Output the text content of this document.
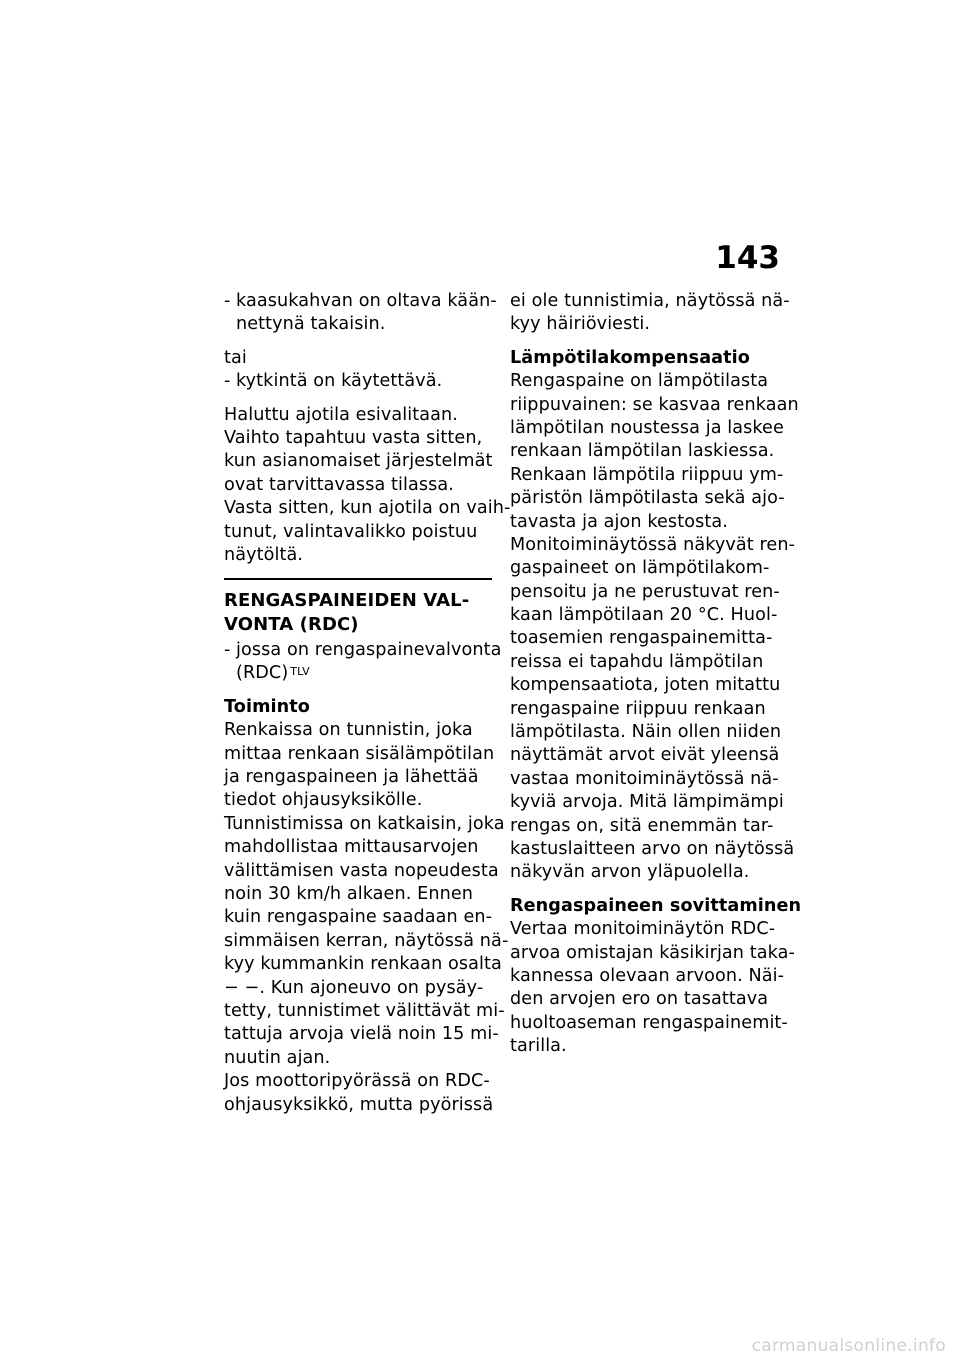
143
- kaasukahvan on oltava kään-
nettynä takaisin.
tai
- kytkintä on käytettävä.
Haluttu ajotila esivalitaan.
Vaihto tapahtuu vasta sitten,
kun asianomaiset järjestelmät
ovat tarvittavassa tilassa.
Vasta sitten, kun ajotila on vaih-
tunut, valintavalikko poistuu
näytöltä.
RENGASPAINEIDEN VAL-
VONTA (RDC)
- jossa on rengaspainevalvonta
(RDC) $^{TLV}$
Toiminto
Renkaissa on tunnistin, joka
mittaa renkaan sisälämpötilan
ja rengaspaineen ja lähettää
tiedot ohjausyksikölle.
Tunnistimissa on katkaisin, joka
mahdollistaa mittausarvojen
välittämisen vasta nopeudesta
noin 30 km/h alkaen. Ennen
kuin rengaspaine saadaan en-
simmäisen kerran, näytössä nä-
kyy kummankin renkaan osalta
− −. Kun ajoneuvo on pysäy-
tetty, tunnistimet välittävät mi-
tattuja arvoja vielä noin 15 mi-
nuutin ajan.
Jos moottoripyörässä on RDC-
ohjausyksikkö, mutta pyörissä
ei ole tunnistimia, näytössä nä-
kyy häiriöviesti.
Lämpötilakompensaatio
Rengaspaine on lämpötilasta
riippuvainen: se kasvaa renkaan
lämpötilan noustessa ja laskee
renkaan lämpötilan laskiessa.
Renkaan lämpötila riippuu ym-
päristön lämpötilasta sekä ajo-
tavasta ja ajon kestosta.
Monitoiminäytössä näkyvät ren-
gaspaineet on lämpötilakom-
pensoitu ja ne perustuvat ren-
kaan lämpötilaan 20 °C. Huol-
toasemien rengaspainemitta-
reissa ei tapahdu lämpötilan
kompensaatiota, joten mitattu
rengaspaine riippuu renkaan
lämpötilasta. Näin ollen niiden
näyttämät arvot eivät yleensä
vastaa monitoiminäytössä nä-
kyviä arvoja. Mitä lämpimämpi
rengas on, sitä enemmän tar-
kastuslaitteen arvo on näytössä
näkyvän arvon yläpuolella.
Rengaspaineen sovittaminen
Vertaa monitoiminäytön RDC-
arvoa omistajan käsikirjan taka-
kannessa olevaan arvoon. Näi-
den arvojen ero on tasattava
huoltoaseman rengaspainemit-
tarilla.
carmanualsonline.info
